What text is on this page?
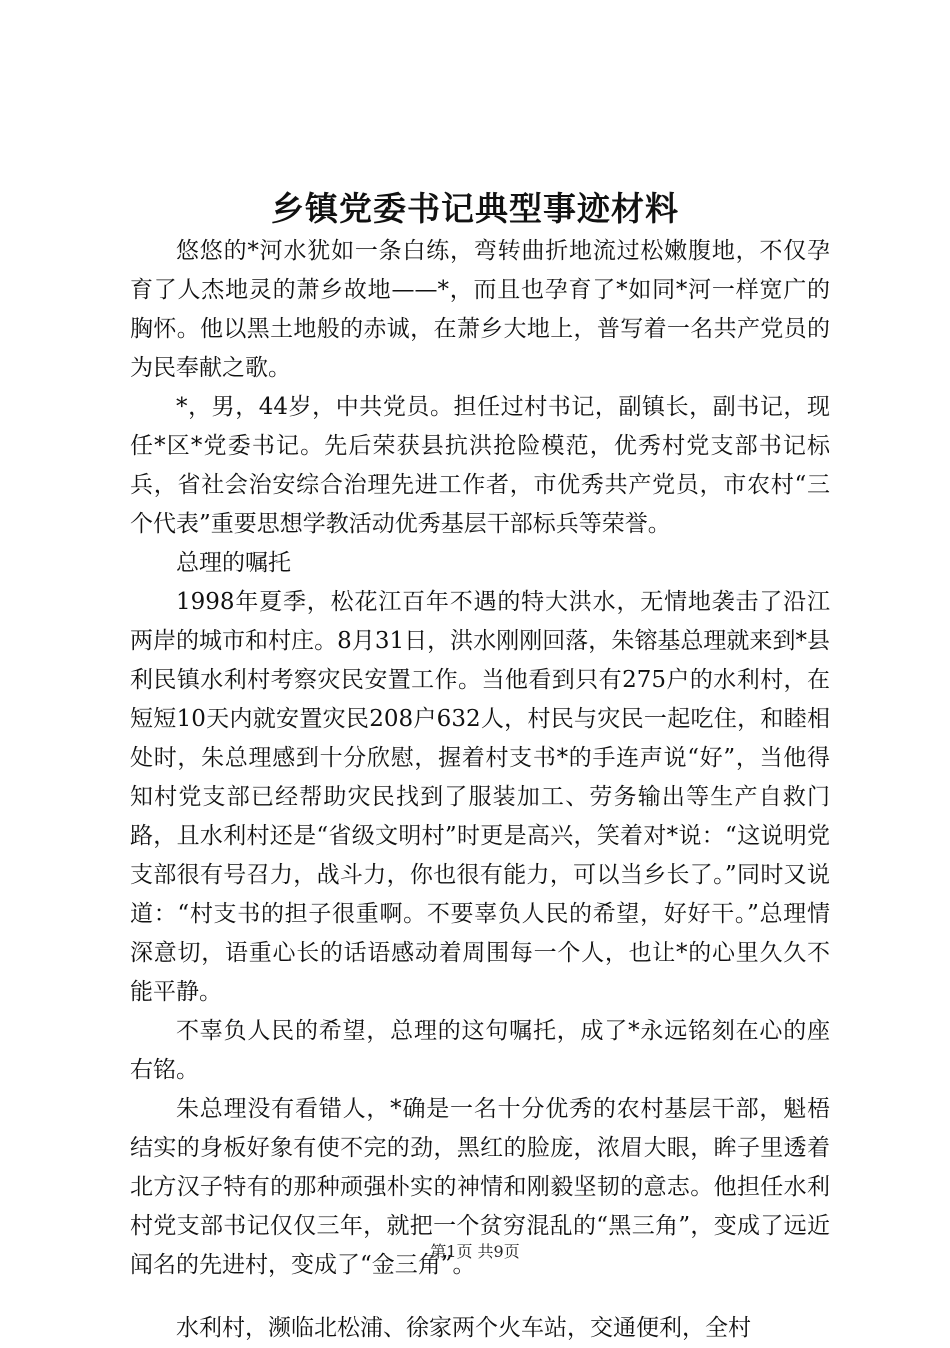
乡镇党委书记典型事迹材料

悠悠的*河水犹如一条白练，弯转曲折地流过松嫩腹地，不仅孕育了人杰地灵的萧乡故地——*，而且也孕育了*如同*河一样宽广的胸怀。他以黑土地般的赤诚，在萧乡大地上，普写着一名共产党员的为民奉献之歌。

*，男，44岁，中共党员。担任过村书记，副镇长，副书记，现任*区*党委书记。先后荣获县抗洪抢险模范，优秀村党支部书记标兵，省社会治安综合治理先进工作者，市优秀共产党员，市农村“三个代表”重要思想学教活动优秀基层干部标兵等荣誉。

总理的嘱托

1998年夏季，松花江百年不遇的特大洪水，无情地袭击了沿江两岸的城市和村庄。8月31日，洪水刚刚回落，朱镕基总理就来到*县利民镇水利村考察灾民安置工作。当他看到只有275户的水利村，在短短10天内就安置灾民208户632人，村民与灾民一起吃住，和睦相处时，朱总理感到十分欣慰，握着村支书*的手连声说“好”，当他得知村党支部已经帮助灾民找到了服装加工、劳务输出等生产自救门路，且水利村还是“省级文明村”时更是高兴，笑着对*说：“这说明党支部很有号召力，战斗力，你也很有能力，可以当乡长了。”同时又说道：“村支书的担子很重啊。不要辜负人民的希望，好好干。”总理情深意切，语重心长的话语感动着周围每一个人，也让*的心里久久不能平静。

不辜负人民的希望，总理的这句嘱托，成了*永远铭刻在心的座右铭。

朱总理没有看错人，*确是一名十分优秀的农村基层干部，魁梧结实的身板好象有使不完的劲，黑红的脸庞，浓眉大眼，眸子里透着北方汉子特有的那种顽强朴实的神情和刚毅坚韧的意志。他担任水利村党支部书记仅仅三年，就把一个贫穷混乱的“黑三角”，变成了远近闻名的先进村，变成了“金三角”。

水利村，濒临北松浦、徐家两个火车站，交通便利，全村

第1页 共9页
